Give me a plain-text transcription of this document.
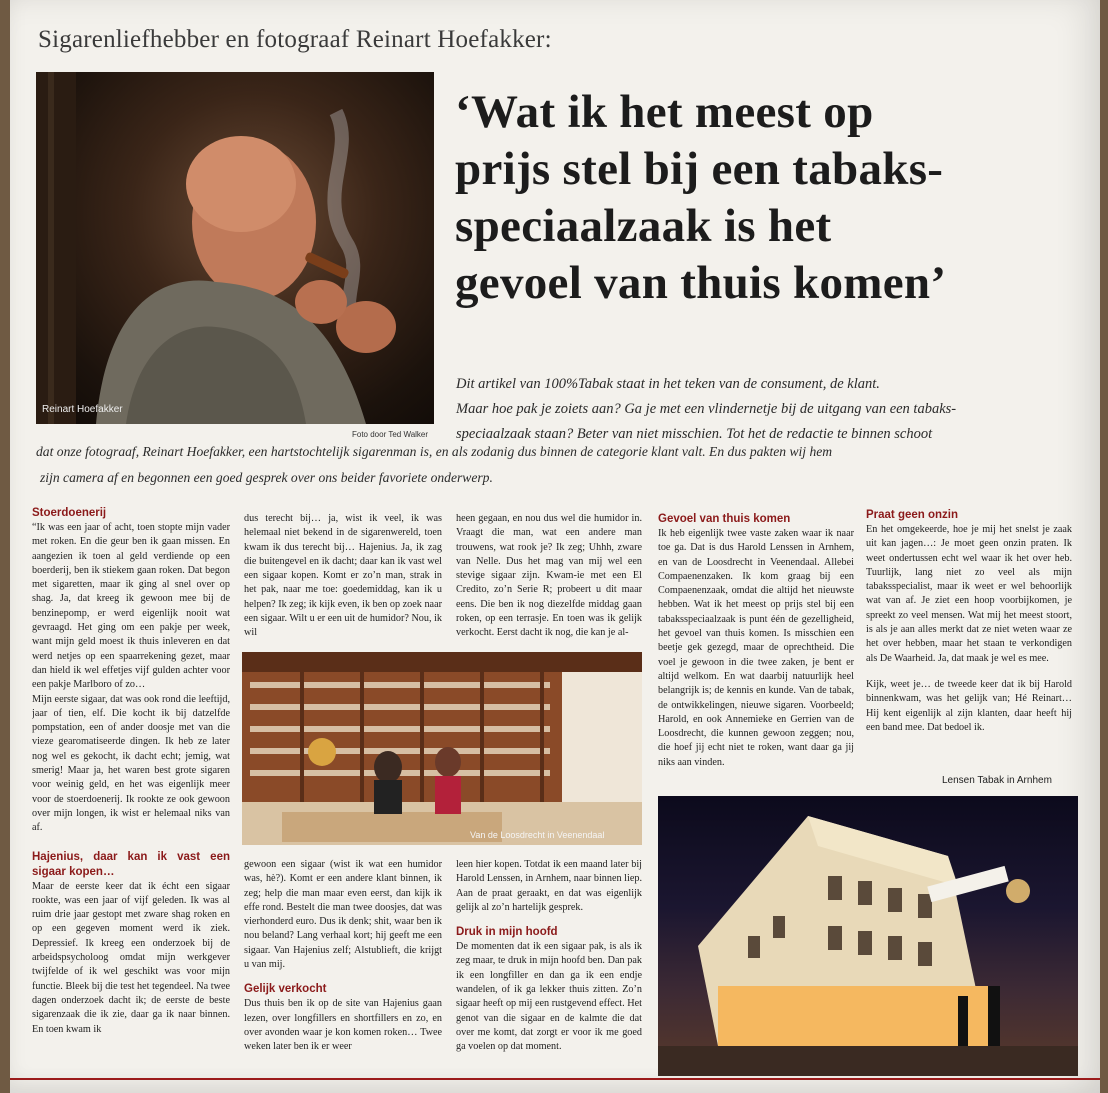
Sigarenliefhebber en fotograaf Reinart Hoefakker:
Reinart Hoefakker
Foto door Ted Walker
‘Wat ik het meest op
prijs stel bij een tabaks-
speciaalzaak is het
gevoel van thuis komen’
Dit artikel van 100%Tabak staat in het teken van de consument, de klant.
Maar hoe pak je zoiets aan? Ga je met een vlindernetje bij de uitgang van een tabaks-
speciaalzaak staan? Beter van niet misschien. Tot het de redactie te binnen schoot
dat onze fotograaf, Reinart Hoefakker, een hartstochtelijk sigarenman is, en als zodanig dus binnen de categorie klant valt. En dus pakten wij hem
zijn camera af en begonnen een goed gesprek over ons beider favoriete onderwerp.
Stoerdoenerij

“Ik was een jaar of acht, toen stopte mijn vader met roken. En die geur ben ik gaan missen. En aangezien ik toen al geld verdiende op een boerderij, ben ik stiekem gaan roken. Dat begon met sigaretten, maar ik ging al snel over op shag. Ja, dat kreeg ik gewoon mee bij de benzinepomp, er werd eigenlijk nooit wat gevraagd. Het ging om een pakje per week, want mijn geld moest ik thuis inleveren en dat werd netjes op een spaarrekening gezet, maar dan hield ik wel effetjes vijf gulden achter voor een pakje Marlboro of zo…

Mijn eerste sigaar, dat was ook rond die leeftijd, jaar of tien, elf. Die kocht ik bij datzelfde pompstation, een of ander doosje met van die vieze gearomatiseerde dingen. Ik heb ze later nog wel es gekocht, ik dacht echt; jemig, wat smerig! Maar ja, het waren best grote sigaren voor weinig geld, en het was eigenlijk meer voor de stoerdoenerij. Ik rookte ze ook gewoon over mijn longen, ik wist er helemaal niks van af.

Hajenius, daar kan ik vast een sigaar kopen…

Maar de eerste keer dat ik écht een sigaar rookte, was een jaar of vijf geleden. Ik was al ruim drie jaar gestopt met zware shag roken en op een gegeven moment werd ik ziek. Depressief. Ik kreeg een onderzoek bij de arbeidspsycholoog omdat mijn werkgever twijfelde of ik wel geschikt was voor mijn functie. Bleek bij die test het tegendeel. Na twee dagen onderzoek dacht ik; de eerste de beste sigarenzaak die ik zie, daar ga ik naar binnen. En toen kwam ik

dus terecht bij… ja, wist ik veel, ik was helemaal niet bekend in de sigarenwereld, toen kwam ik dus terecht bij… Hajenius. Ja, ik zag die buitengevel en ik dacht; daar kan ik vast wel een sigaar kopen. Komt er zo’n man, strak in het pak, naar me toe: goedemiddag, kan ik u helpen? Ik zeg; ik kijk even, ik ben op zoek naar een sigaar. Wilt u er een uit de humidor? Nou, ik wil

heen gegaan, en nou dus wel die humidor in. Vraagt die man, wat een andere man trouwens, wat rook je? Ik zeg; Uhhh, zware van Nelle. Dus het mag van mij wel een stevige sigaar zijn. Kwam-ie met een El Credito, zo’n Serie R; probeert u dit maar eens. Die ben ik nog diezelfde middag gaan roken, op een terrasje. En toen was ik gelijk verkocht. Eerst dacht ik nog, die kan je al-

Van de Loosdrecht in Veenendaal

gewoon een sigaar (wist ik wat een humidor was, hè?). Komt er een andere klant binnen, ik zeg; help die man maar even eerst, dan kijk ik effe rond. Bestelt die man twee doosjes, dat was vierhonderd euro. Dus ik denk; shit, waar ben ik nou beland? Lang verhaal kort; hij geeft me een sigaar. Van Hajenius zelf; Alstublieft, die krijgt u van mij.

Gelijk verkocht

Dus thuis ben ik op de site van Hajenius gaan lezen, over longfillers en shortfillers en zo, en over avonden waar je kon komen roken… Twee weken later ben ik er weer

leen hier kopen. Totdat ik een maand later bij Harold Lenssen, in Arnhem, naar binnen liep. Aan de praat geraakt, en dat was eigenlijk gelijk al zo’n hartelijk gesprek.

Druk in mijn hoofd

De momenten dat ik een sigaar pak, is als ik zeg maar, te druk in mijn hoofd ben. Dan pak ik een longfiller en dan ga ik een endje wandelen, of ik ga lekker thuis zitten. Zo’n sigaar heeft op mij een rustgevend effect. Het genot van die sigaar en de kalmte die dat over me komt, dat zorgt er voor ik me goed ga voelen op dat moment.

Gevoel van thuis komen

Ik heb eigenlijk twee vaste zaken waar ik naar toe ga. Dat is dus Harold Lenssen in Arnhem, en van de Loosdrecht in Veenendaal. Allebei Compaenenzaken. Ik kom graag bij een Compaenenzaak, omdat die altijd het nieuwste hebben. Wat ik het meest op prijs stel bij een tabaksspeciaalzaak is punt één de gezelligheid, het gevoel van thuis komen. Is misschien een beetje gek gezegd, maar de oprechtheid. Die voel je gewoon in die twee zaken, je bent er altijd welkom. En wat daarbij natuurlijk heel belangrijk is; de kennis en kunde. Van de tabak, de ontwikkelingen, nieuwe sigaren. Voorbeeld; Harold, en ook Annemieke en Gerrien van de Loosdrecht, die kunnen gewoon zeggen; nou, die hoef jij echt niet te roken, want daar ga jij niks aan vinden.

Praat geen onzin

En het omgekeerde, hoe je mij het snelst je zaak uit kan jagen…: Je moet geen onzin praten. Ik weet ondertussen echt wel waar ik het over heb. Tuurlijk, lang niet zo veel als mijn tabaksspecialist, maar ik weet er wel behoorlijk wat van af. Je ziet een hoop voorbijkomen, je spreekt zo veel mensen. Wat mij het meest stoort, is als je aan alles merkt dat ze niet weten waar ze het over hebben, maar het staan te verkondigen als De Waarheid. Ja, dat maak je wel es mee.

Kijk, weet je… de tweede keer dat ik bij Harold binnenkwam, was het gelijk van; Hé Reinart… Hij kent eigenlijk al zijn klanten, daar heeft hij een band mee. Dat bedoel ik.

Lensen Tabak in Arnhem
